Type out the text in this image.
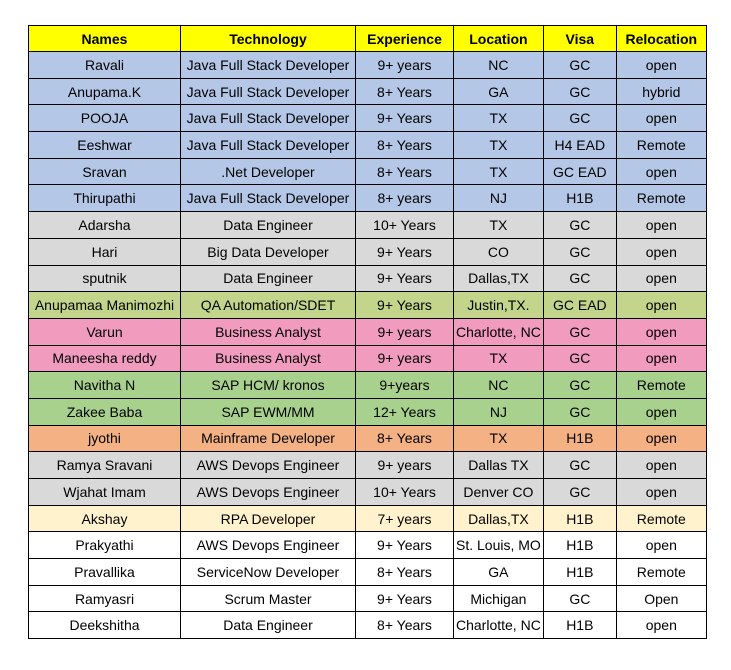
Names	Technology	Experience	Location	Visa	Relocation
Ravali	Java Full Stack Developer	9+ years	NC	GC	open
Anupama.K	Java Full Stack Developer	8+ Years	GA	GC	hybrid
POOJA	Java Full Stack Developer	9+ Years	TX	GC	open
Eeshwar	Java Full Stack Developer	8+ Years	TX	H4 EAD	Remote
Sravan	.Net Developer	8+ Years	TX	GC EAD	open
Thirupathi	Java Full Stack Developer	8+ years	NJ	H1B	Remote
Adarsha	Data Engineer	10+ Years	TX	GC	open
Hari	Big Data Developer	9+ Years	CO	GC	open
sputnik	Data Engineer	9+ Years	Dallas,TX	GC	open
Anupamaa Manimozhi	QA Automation/SDET	9+ Years	Justin,TX.	GC EAD	open
Varun	Business Analyst	9+ years	Charlotte, NC	GC	open
Maneesha reddy	Business Analyst	9+ years	TX	GC	open
Navitha N	SAP HCM/ kronos	9+years	NC	GC	Remote
Zakee Baba	SAP EWM/MM	12+ Years	NJ	GC	open
jyothi	Mainframe Developer	8+ Years	TX	H1B	open
Ramya Sravani	AWS Devops Engineer	9+ years	Dallas TX	GC	open
Wjahat Imam	AWS Devops Engineer	10+ Years	Denver CO	GC	open
Akshay	RPA Developer	7+ years	Dallas,TX	H1B	Remote
Prakyathi	AWS Devops Engineer	9+ Years	St. Louis, MO	H1B	open
Pravallika	ServiceNow Developer	8+ Years	GA	H1B	Remote
Ramyasri	Scrum Master	9+ Years	Michigan	GC	Open
Deekshitha	Data Engineer	8+ Years	Charlotte, NC	H1B	open
